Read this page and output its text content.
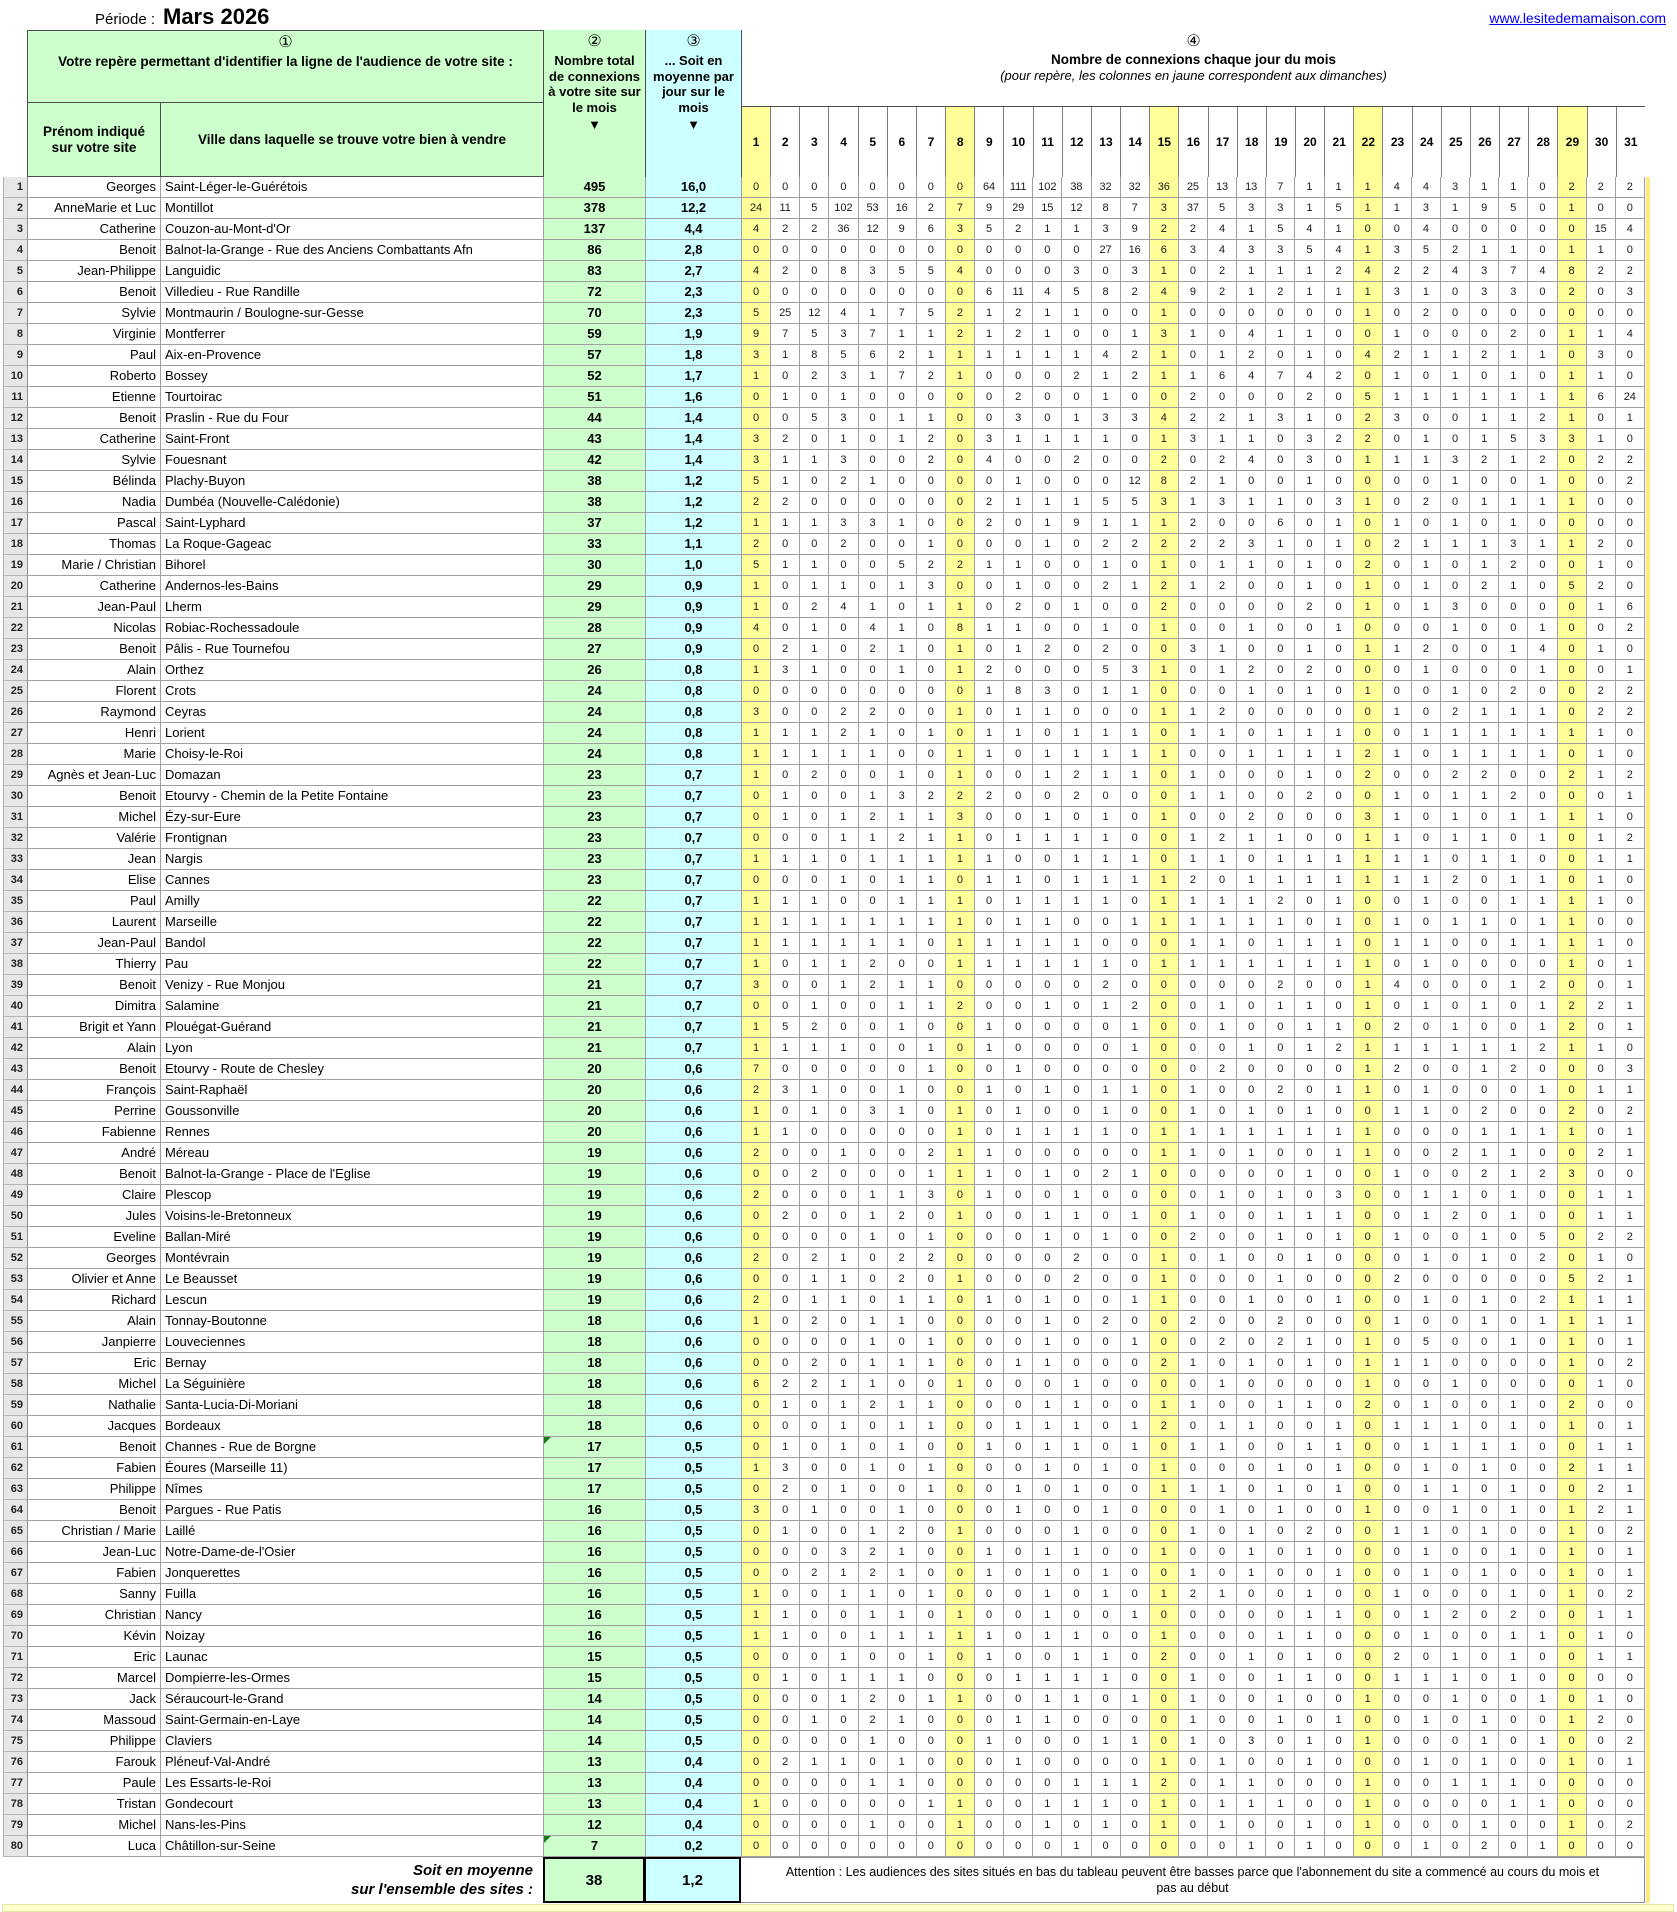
Période : Mars 2026	www.lesitedemamaison.com
①
Votre repère permettant d'identifier la ligne de l'audience de votre site :
Prénom indiqué sur votre site
Ville dans laquelle se trouve votre bien à vendre
②
Nombre total de connexions à votre site sur le mois
▼
③
... Soit en moyenne par jour sur le mois
▼
④
Nombre de connexions chaque jour du mois
(pour repère, les colonnes en jaune correspondent aux dimanches)
1	2	3	4	5	6	7	8	9	10	11	12	13	14	15	16	17	18	19	20	21	22	23	24	25	26	27	28	29	30	31
1	Georges Saint-Léger-le-Guérétois	495	16,0	0	0	0	0	0	0	0	0	64	111	102	38	32	32	36	25	13	13	7	1	1	1	4	4	3	1	1	0	2	2	2
2	AnneMarie et Luc Montillot	378	12,2	24	11	5	102	53	16	2	7	9	29	15	12	8	7	3	37	5	3	3	1	5	1	1	3	1	9	5	0	1	0	0
3	Catherine Couzon-au-Mont-d'Or	137	4,4	4	2	2	36	12	9	6	3	5	2	1	1	3	9	2	2	4	1	5	4	1	0	0	4	0	0	0	0	0	15	4
4	Benoit Balnot-la-Grange - Rue des Anciens Combattants Afn	86	2,8	0	0	0	0	0	0	0	0	0	0	0	0	27	16	6	3	4	3	3	5	4	1	3	5	2	1	1	0	1	1	0
5	Jean-Philippe Languidic	83	2,7	4	2	0	8	3	5	5	4	0	0	0	3	0	3	1	0	2	1	1	1	2	4	2	2	4	3	7	4	8	2	2
6	Benoit Villedieu - Rue Randille	72	2,3	0	0	0	0	0	0	0	0	6	11	4	5	8	2	4	9	2	1	2	1	1	1	3	1	0	3	3	0	2	0	3
7	Sylvie Montmaurin / Boulogne-sur-Gesse	70	2,3	5	25	12	4	1	7	5	2	1	2	1	1	0	0	1	0	0	0	0	0	0	1	0	2	0	0	0	0	0	0	0
8	Virginie Montferrer	59	1,9	9	7	5	3	7	1	1	2	1	2	1	0	0	1	3	1	0	4	1	1	0	0	1	0	0	0	2	0	1	1	4
9	Paul Aix-en-Provence	57	1,8	3	1	8	5	6	2	1	1	1	1	1	1	4	2	1	0	1	2	0	1	0	4	2	1	1	2	1	1	0	3	0
10	Roberto Bossey	52	1,7	1	0	2	3	1	7	2	1	0	0	0	2	1	2	1	1	6	4	7	4	2	0	1	0	1	0	1	0	1	1	0
11	Etienne Tourtoirac	51	1,6	0	1	0	1	0	0	0	0	0	2	0	0	1	0	0	2	0	0	0	2	0	5	1	1	1	1	1	1	1	6	24
12	Benoit Praslin - Rue du Four	44	1,4	0	0	5	3	0	1	1	0	0	3	0	1	3	3	4	2	2	1	3	1	0	2	3	0	0	1	1	2	1	0	1
13	Catherine Saint-Front	43	1,4	3	2	0	1	0	1	2	0	3	1	1	1	1	0	1	3	1	1	0	3	2	2	0	1	0	1	5	3	3	1	0
14	Sylvie Fouesnant	42	1,4	3	1	1	3	0	0	2	0	4	0	0	2	0	0	2	0	2	4	0	3	0	1	1	1	3	2	1	2	0	2	2
15	Bélinda Plachy-Buyon	38	1,2	5	1	0	2	1	0	0	0	0	1	0	0	0	12	8	2	1	0	0	1	0	0	0	0	1	0	0	1	0	0	2
16	Nadia Dumbéa (Nouvelle-Calédonie)	38	1,2	2	2	0	0	0	0	0	0	2	1	1	1	5	5	3	1	3	1	1	0	3	1	0	2	0	1	1	1	1	0	0
17	Pascal Saint-Lyphard	37	1,2	1	1	1	3	3	1	0	0	2	0	1	9	1	1	1	2	0	0	6	0	1	0	1	0	1	0	1	0	0	0	0
18	Thomas La Roque-Gageac	33	1,1	2	0	0	2	0	0	1	0	0	0	1	0	2	2	2	2	2	3	1	0	1	0	2	1	1	1	3	1	1	2	0
19	Marie / Christian Bihorel	30	1,0	5	1	1	0	0	5	2	2	1	1	0	0	1	0	1	0	1	1	0	1	0	2	0	1	0	1	2	0	0	1	0
20	Catherine Andernos-les-Bains	29	0,9	1	0	1	1	0	1	3	0	0	1	0	0	2	1	2	1	2	0	0	1	0	1	0	1	0	2	1	0	5	2	0
21	Jean-Paul Lherm	29	0,9	1	0	2	4	1	0	1	1	0	2	0	1	0	0	2	0	0	0	0	2	0	1	0	1	3	0	0	0	0	1	6
22	Nicolas Robiac-Rochessadoule	28	0,9	4	0	1	0	4	1	0	8	1	1	0	0	1	0	1	0	0	1	0	0	1	0	0	0	1	0	0	1	0	0	2
23	Benoit Pâlis - Rue Tournefou	27	0,9	0	2	1	0	2	1	0	1	0	1	2	0	2	0	0	3	1	0	0	1	0	1	1	2	0	0	1	4	0	1	0
24	Alain Orthez	26	0,8	1	3	1	0	0	1	0	1	2	0	0	0	5	3	1	0	1	2	0	2	0	0	0	1	0	0	0	1	0	0	1
25	Florent Crots	24	0,8	0	0	0	0	0	0	0	0	1	8	3	0	1	1	0	0	0	1	0	1	0	1	0	0	1	0	2	0	0	2	2
26	Raymond Ceyras	24	0,8	3	0	0	2	2	0	0	1	0	1	1	0	0	0	1	1	2	0	0	0	0	0	1	0	2	1	1	1	0	2	2
27	Henri Lorient	24	0,8	1	1	1	2	1	0	1	0	1	1	0	1	1	1	0	1	1	0	1	1	1	0	0	1	1	1	1	1	1	1	0
28	Marie Choisy-le-Roi	24	0,8	1	1	1	1	1	0	0	1	1	0	1	1	1	1	1	0	0	1	1	1	1	2	1	0	1	1	1	1	0	1	0
29	Agnès et Jean-Luc Domazan	23	0,7	1	0	2	0	0	1	0	1	0	0	1	2	1	1	0	1	0	0	0	1	0	2	0	0	2	2	0	0	2	1	2
30	Benoit Etourvy - Chemin de la Petite Fontaine	23	0,7	0	1	0	0	1	3	2	2	2	0	0	2	0	0	0	1	1	0	0	2	0	0	1	0	1	1	2	0	0	0	1
31	Michel Ézy-sur-Eure	23	0,7	0	1	0	1	2	1	1	3	0	0	1	0	1	0	1	0	0	2	0	0	0	3	1	0	1	0	1	1	1	1	0
32	Valérie Frontignan	23	0,7	0	0	0	1	1	2	1	1	0	1	1	1	1	0	0	1	2	1	1	0	0	1	1	0	1	1	0	1	0	1	2
33	Jean Nargis	23	0,7	1	1	1	0	1	1	1	1	1	0	0	1	1	1	0	1	1	0	1	1	1	1	1	1	0	1	1	0	0	1	1
34	Elise Cannes	23	0,7	0	0	0	1	0	1	1	0	1	1	0	1	1	1	1	2	0	1	1	1	1	1	1	1	2	0	1	1	0	1	0
35	Paul Amilly	22	0,7	1	1	1	0	0	1	1	1	0	1	1	1	1	0	1	1	1	1	2	0	1	0	0	1	0	0	1	1	1	1	0
36	Laurent Marseille	22	0,7	1	1	1	1	1	1	1	1	0	1	1	0	0	1	1	1	1	1	1	0	1	0	1	0	1	1	0	1	1	0	0
37	Jean-Paul Bandol	22	0,7	1	1	1	1	1	1	0	1	1	1	1	1	0	0	0	1	1	0	1	1	1	0	1	1	0	0	1	1	1	1	0
38	Thierry Pau	22	0,7	1	0	1	1	2	0	0	1	1	1	1	1	1	0	1	1	1	1	1	1	1	1	0	1	0	0	0	0	1	0	1
39	Benoit Venizy - Rue Monjou	21	0,7	3	0	0	1	2	1	1	0	0	0	0	0	2	0	0	0	0	0	2	0	0	1	4	0	0	0	1	2	0	0	1
40	Dimitra Salamine	21	0,7	0	0	1	0	0	1	1	2	0	0	1	0	1	2	0	0	1	0	1	1	0	1	0	1	0	1	0	1	2	2	1
41	Brigit et Yann Plouégat-Guérand	21	0,7	1	5	2	0	0	1	0	0	1	0	0	0	0	1	0	0	1	0	0	1	1	0	2	0	1	0	0	1	2	0	1
42	Alain Lyon	21	0,7	1	1	1	1	0	0	1	0	1	0	0	0	0	1	0	0	0	1	0	1	2	1	1	1	1	1	1	2	1	1	0
43	Benoit Etourvy - Route de Chesley	20	0,6	7	0	0	0	0	0	1	0	0	1	0	0	0	0	0	0	2	0	0	0	0	1	2	0	0	1	2	0	0	0	3
44	François Saint-Raphaël	20	0,6	2	3	1	0	0	1	0	0	1	0	1	0	1	1	0	1	0	0	2	0	1	1	0	1	0	0	0	1	0	1	1
45	Perrine Goussonville	20	0,6	1	0	1	0	3	1	0	1	0	1	0	0	1	0	0	1	0	1	0	1	0	0	1	1	0	2	0	0	2	0	2
46	Fabienne Rennes	20	0,6	1	1	0	0	0	0	0	1	0	1	1	1	1	0	1	1	1	1	1	1	1	1	0	0	0	1	1	1	1	0	1
47	André Méreau	19	0,6	2	0	0	1	0	0	2	1	1	0	0	0	0	0	1	1	0	1	0	0	1	1	0	0	2	1	1	0	0	2	1
48	Benoit Balnot-la-Grange - Place de l'Eglise	19	0,6	0	0	2	0	0	0	1	1	1	0	1	0	2	1	0	0	0	0	0	1	0	0	1	0	0	2	1	2	3	0	0
49	Claire Plescop	19	0,6	2	0	0	0	1	1	3	0	1	0	0	1	0	0	0	0	1	0	1	0	3	0	0	1	1	0	1	0	0	1	1
50	Jules Voisins-le-Bretonneux	19	0,6	0	2	0	0	1	2	0	1	0	0	1	1	0	1	0	1	0	0	1	1	1	0	0	1	2	0	1	0	0	1	1
51	Eveline Ballan-Miré	19	0,6	0	0	0	0	1	0	1	0	0	0	1	0	1	0	0	2	0	0	1	0	1	0	1	0	0	1	0	5	0	2	2
52	Georges Montévrain	19	0,6	2	0	2	1	0	2	2	0	0	0	0	2	0	0	1	0	1	0	0	1	0	0	0	1	0	1	0	2	0	1	0
53	Olivier et Anne Le Beausset	19	0,6	0	0	1	1	0	2	0	1	0	0	0	2	0	0	1	0	0	0	1	0	0	0	2	0	0	0	0	0	5	2	1
54	Richard Lescun	19	0,6	2	0	1	1	0	1	1	0	1	0	1	0	0	1	1	0	0	1	0	0	1	0	0	1	0	1	0	2	1	1	1
55	Alain Tonnay-Boutonne	18	0,6	1	0	2	0	1	1	0	0	0	0	1	0	2	0	0	2	0	0	2	0	0	0	1	0	0	1	0	1	1	1	1
56	Janpierre Louveciennes	18	0,6	0	0	0	0	1	0	1	0	0	0	1	0	0	1	0	0	2	0	2	1	0	1	0	5	0	0	1	0	1	0	1
57	Eric Bernay	18	0,6	0	0	2	0	1	1	1	0	0	1	1	0	0	0	2	1	0	1	0	1	0	1	1	1	0	0	0	0	1	0	2
58	Michel La Séguinière	18	0,6	6	2	2	1	1	0	0	1	0	0	0	1	0	0	0	0	1	0	0	0	0	1	0	0	1	0	0	0	0	1	0
59	Nathalie Santa-Lucia-Di-Moriani	18	0,6	0	1	0	1	2	1	1	0	0	0	1	1	0	0	1	1	0	0	1	1	0	2	0	1	0	0	1	0	2	0	0
60	Jacques Bordeaux	18	0,6	0	0	0	1	0	1	1	0	0	1	1	1	0	1	2	0	1	1	0	0	1	0	1	1	1	0	1	0	1	0	1
61	Benoit Channes - Rue de Borgne	17	0,5	0	1	0	1	0	1	0	0	1	0	1	1	0	1	0	1	1	0	0	1	1	0	0	1	1	1	1	0	0	1	1
62	Fabien Éoures (Marseille 11)	17	0,5	1	3	0	0	1	0	1	0	0	0	1	0	1	0	1	0	0	0	1	0	1	0	0	1	0	1	0	0	2	1	1
63	Philippe Nîmes	17	0,5	0	2	0	1	0	0	1	0	0	1	0	1	0	0	1	1	1	0	1	0	1	0	0	1	1	0	1	0	0	2	1
64	Benoit Pargues - Rue Patis	16	0,5	3	0	1	0	0	1	0	0	0	1	0	0	1	0	0	0	1	0	1	0	0	1	0	0	1	0	1	0	1	2	1
65	Christian / Marie Laillé	16	0,5	0	1	0	0	1	2	0	1	0	0	0	1	0	0	0	1	0	1	0	2	0	0	1	1	0	1	0	0	1	0	2
66	Jean-Luc Notre-Dame-de-l'Osier	16	0,5	0	0	0	3	2	1	0	0	1	0	1	1	0	0	1	0	0	1	0	1	0	0	0	1	0	0	1	0	1	0	1
67	Fabien Jonquerettes	16	0,5	0	0	2	1	2	1	0	0	1	0	1	0	1	0	0	1	0	1	0	0	1	0	0	1	0	1	0	0	1	0	1
68	Sanny Fuilla	16	0,5	1	0	0	1	1	0	1	0	0	0	1	0	1	0	1	2	1	0	0	1	0	0	1	0	0	0	1	0	1	0	2
69	Christian Nancy	16	0,5	1	1	0	0	1	1	0	1	0	0	1	0	0	1	0	0	0	0	0	1	1	0	0	1	2	0	2	0	0	1	1
70	Kévin Noizay	16	0,5	1	1	0	0	1	1	1	1	1	0	1	1	0	0	1	0	0	0	1	1	0	0	0	1	0	0	1	1	0	1	0
71	Eric Launac	15	0,5	0	0	0	1	0	0	1	0	1	0	0	1	1	0	2	0	0	1	0	1	0	0	2	0	1	0	1	0	0	1	1
72	Marcel Dompierre-les-Ormes	15	0,5	0	1	0	1	1	1	0	0	0	1	1	1	1	0	0	1	0	0	1	1	0	0	1	1	1	0	1	0	0	0	0
73	Jack Séraucourt-le-Grand	14	0,5	0	0	0	1	2	0	1	1	0	0	1	1	0	1	0	1	0	0	1	0	0	1	0	0	1	0	0	1	0	1	0
74	Massoud Saint-Germain-en-Laye	14	0,5	0	0	1	0	2	1	0	0	0	1	1	0	0	0	0	1	0	0	1	0	1	0	0	1	0	1	0	0	1	2	0
75	Philippe Claviers	14	0,5	0	0	0	0	1	0	0	0	1	0	0	0	1	1	0	1	0	3	0	1	0	1	0	0	0	1	0	1	0	0	2
76	Farouk Pléneuf-Val-André	13	0,4	0	2	1	1	0	1	0	0	0	1	0	0	0	0	1	0	1	0	0	1	0	0	0	1	0	1	0	0	1	0	1
77	Paule Les Essarts-le-Roi	13	0,4	0	0	0	0	1	1	0	0	0	0	0	1	1	1	2	0	1	1	0	0	0	1	0	0	1	1	1	0	0	0	0
78	Tristan Gondecourt	13	0,4	1	0	0	0	0	0	1	1	0	0	1	1	1	0	1	0	1	1	1	0	0	1	0	0	0	0	1	1	0	0	0
79	Michel Nans-les-Pins	12	0,4	0	0	0	0	1	0	0	1	0	0	1	0	1	0	1	0	1	0	0	1	0	1	0	0	0	1	0	0	1	0	2
80	Luca Châtillon-sur-Seine	7	0,2	0	0	0	0	0	0	0	0	0	0	0	1	0	0	0	0	0	1	0	1	0	0	0	1	0	2	0	1	0	0	0
Soit en moyenne
sur l'ensemble des sites :
38	1,2	Attention : Les audiences des sites situés en bas du tableau peuvent être basses parce que l'abonnement du site a commencé au cours du mois et pas au début
